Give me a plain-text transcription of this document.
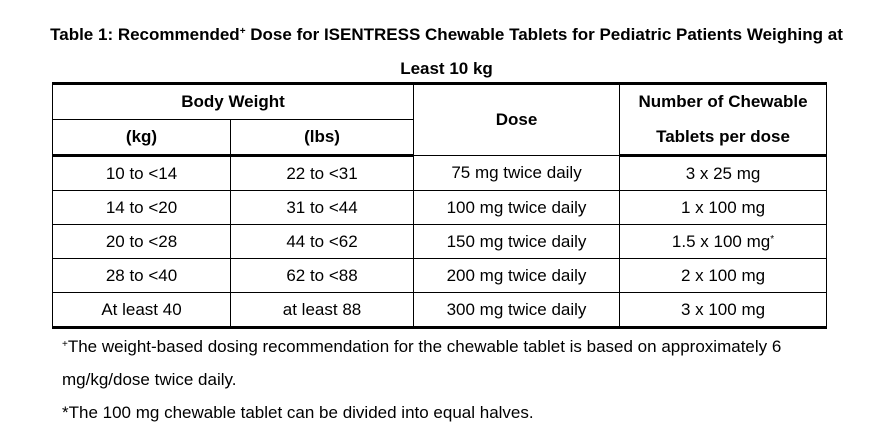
Table 1: Recommended+ Dose for ISENTRESS Chewable Tablets for Pediatric Patients Weighing at
Least 10 kg
Body Weight		Dose	Number of Chewable
(kg)	(lbs)		Tablets per dose
10 to <14	22 to <31	75 mg twice daily	3 x 25 mg
14 to <20	31 to <44	100 mg twice daily	1 x 100 mg
20 to <28	44 to <62	150 mg twice daily	1.5 x 100 mg*
28 to <40	62 to <88	200 mg twice daily	2 x 100 mg
At least 40	at least 88	300 mg twice daily	3 x 100 mg
+The weight-based dosing recommendation for the chewable tablet is based on approximately 6 mg/kg/dose twice daily.
*The 100 mg chewable tablet can be divided into equal halves.
